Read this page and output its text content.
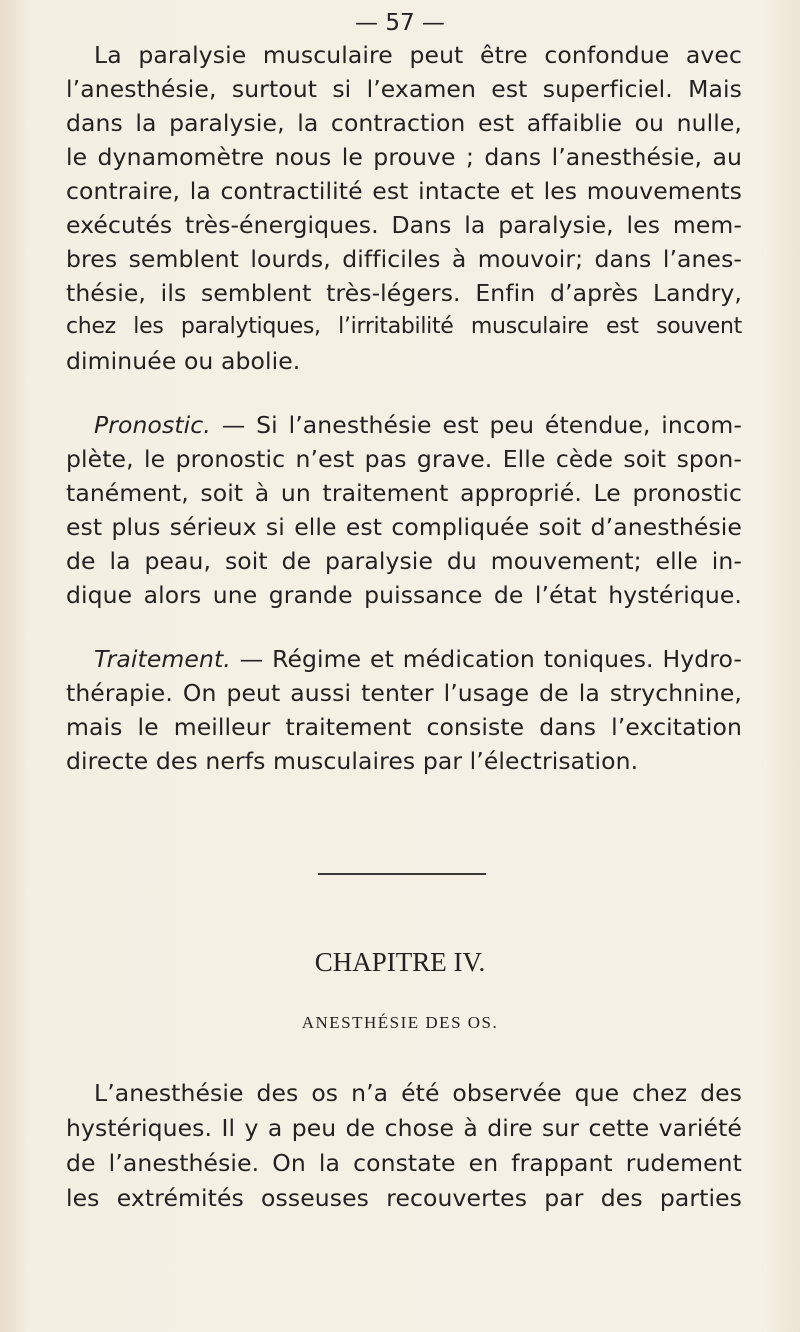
— 57 —
La paralysie musculaire peut être confondue avec
l’anesthésie, surtout si l’examen est superficiel. Mais
dans la paralysie, la contraction est affaiblie ou nulle,
le dynamomètre nous le prouve ; dans l’anesthésie, au
contraire, la contractilité est intacte et les mouvements
exécutés très-énergiques. Dans la paralysie, les mem-
bres semblent lourds, difficiles à mouvoir; dans l’anes-
thésie, ils semblent très-légers. Enfin d’après Landry,
chez les paralytiques, l’irritabilité musculaire est souvent
diminuée ou abolie.
Pronostic. — Si l’anesthésie est peu étendue, incom-
plète, le pronostic n’est pas grave. Elle cède soit spon-
tanément, soit à un traitement approprié. Le pronostic
est plus sérieux si elle est compliquée soit d’anesthésie
de la peau, soit de paralysie du mouvement; elle in-
dique alors une grande puissance de l’état hystérique.
Traitement. — Régime et médication toniques. Hydro-
thérapie. On peut aussi tenter l’usage de la strychnine,
mais le meilleur traitement consiste dans l’excitation
directe des nerfs musculaires par l’électrisation.
CHAPITRE IV.
ANESTHÉSIE DES OS.
L’anesthésie des os n’a été observée que chez des
hystériques. Il y a peu de chose à dire sur cette variété
de l’anesthésie. On la constate en frappant rudement
les extrémités osseuses recouvertes par des parties
